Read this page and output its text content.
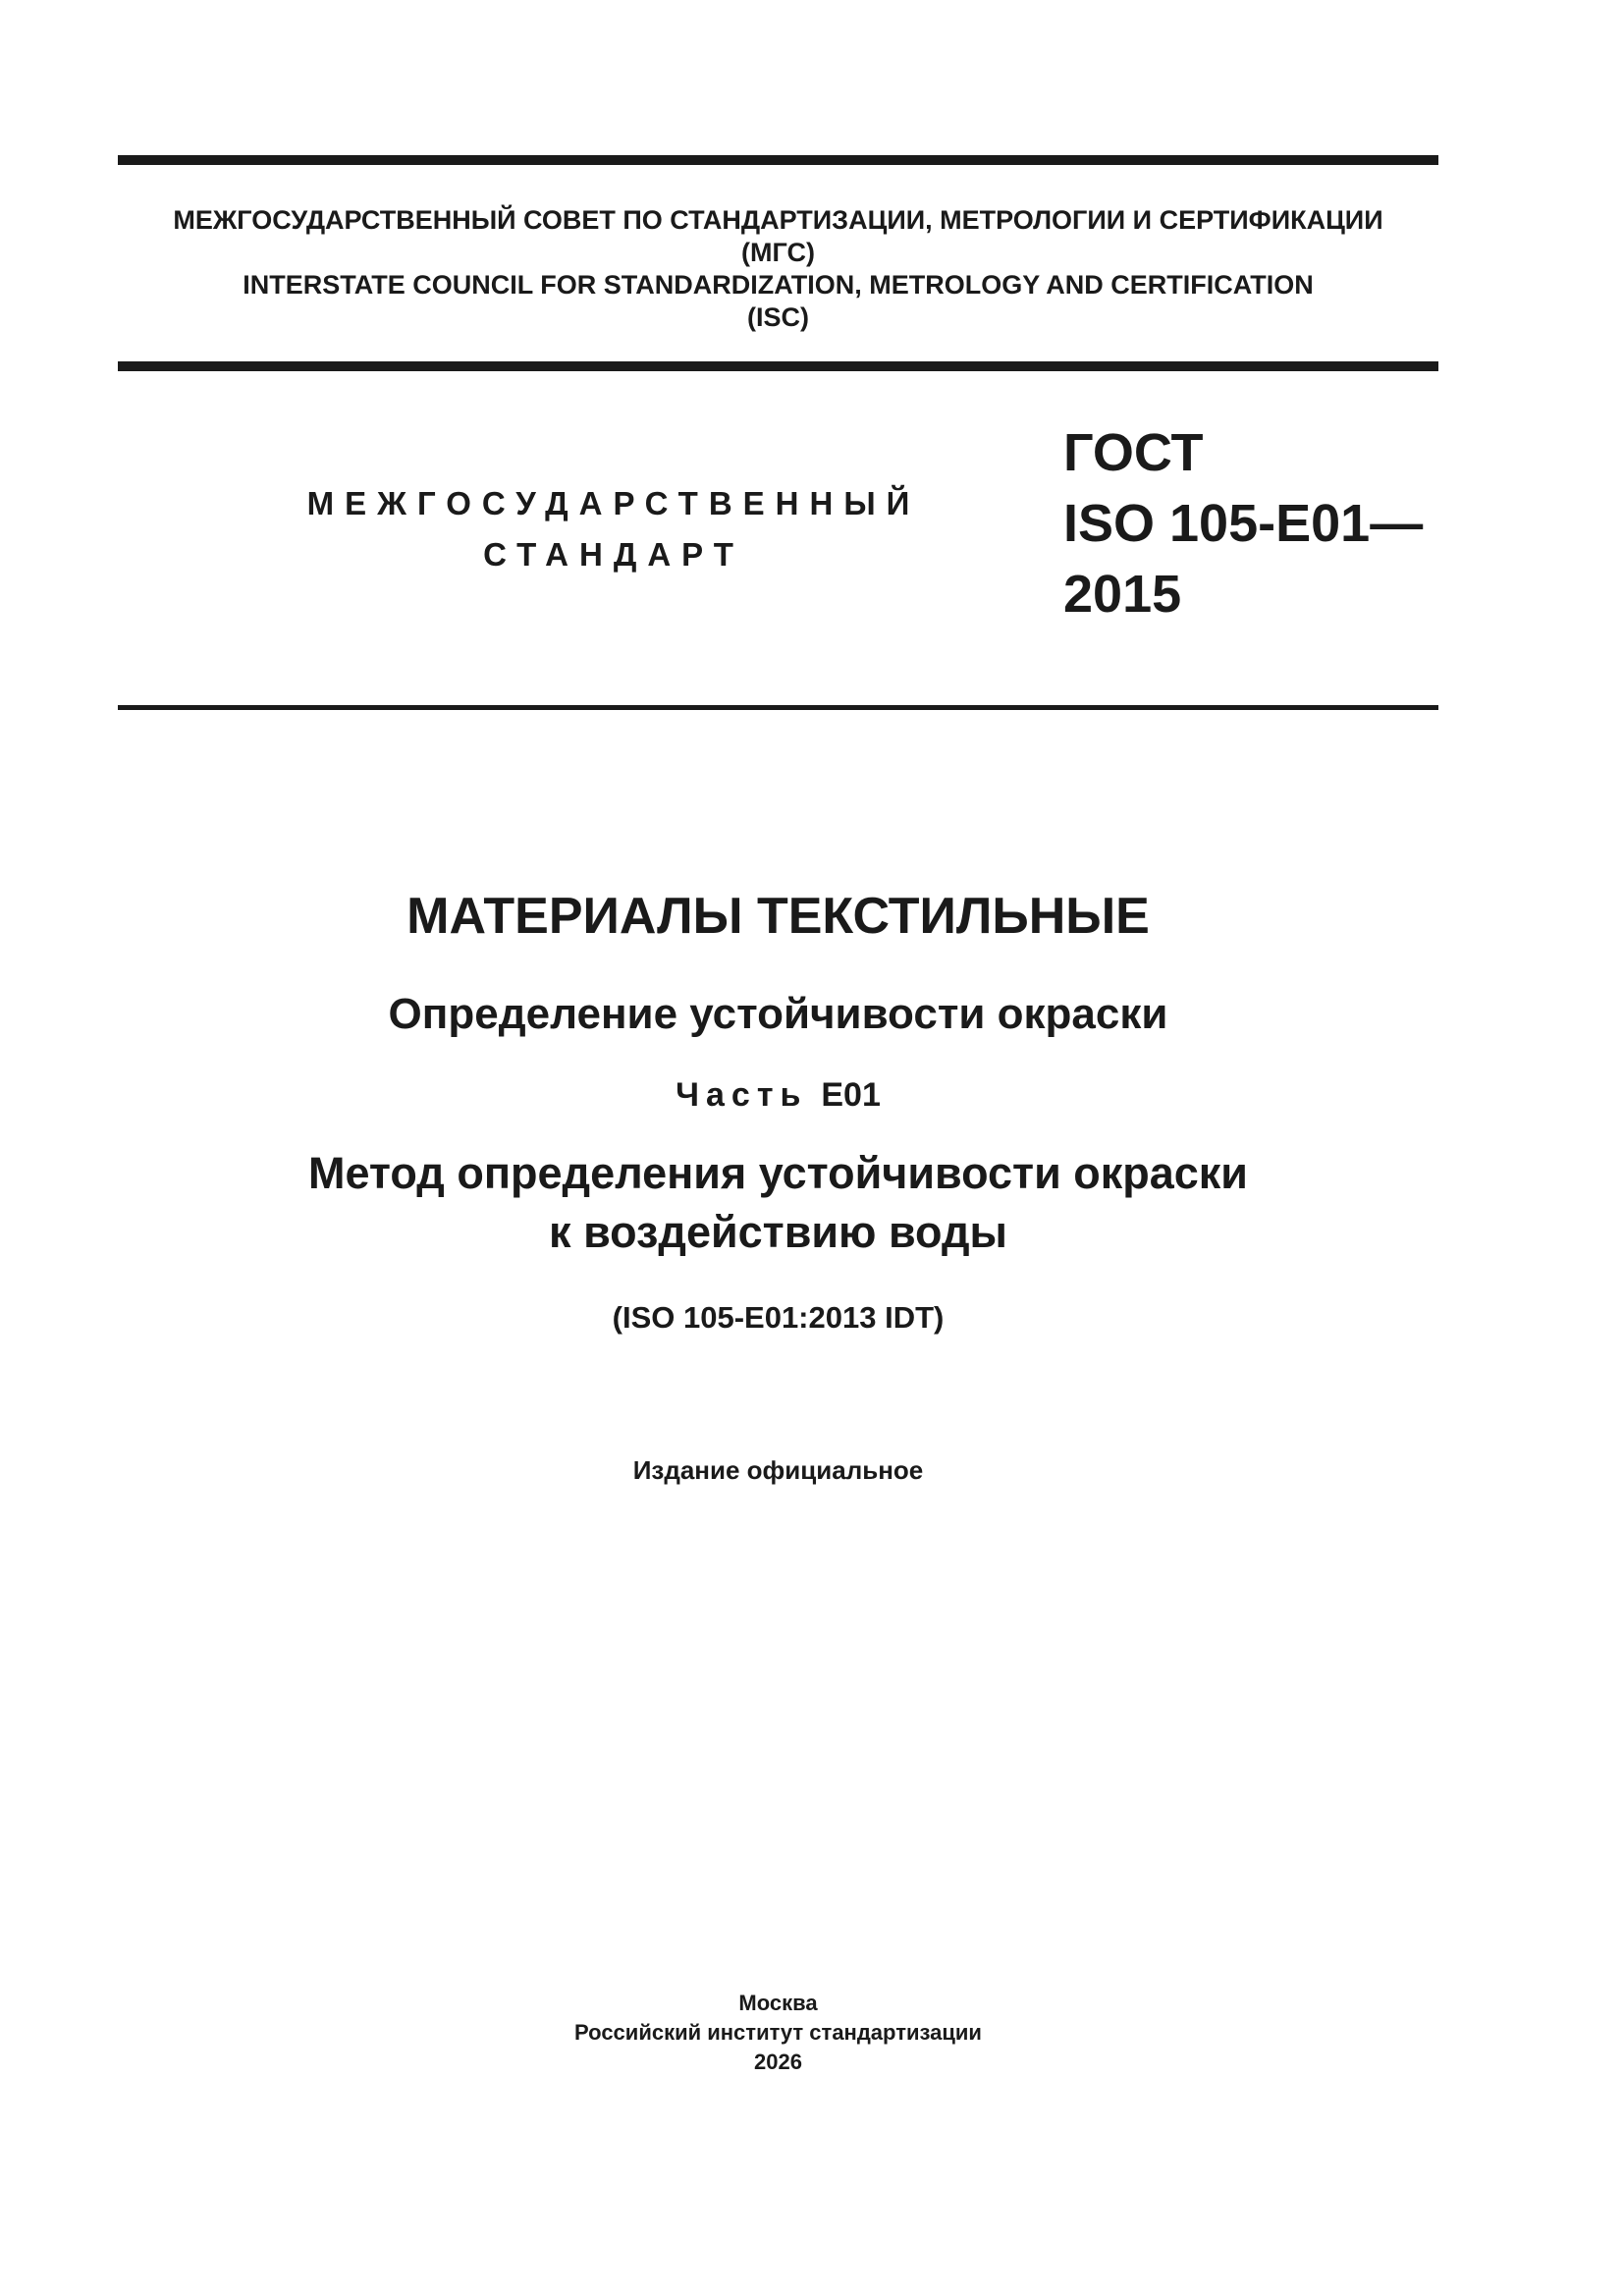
МЕЖГОСУДАРСТВЕННЫЙ СОВЕТ ПО СТАНДАРТИЗАЦИИ, МЕТРОЛОГИИ И СЕРТИФИКАЦИИ
(МГС)
INTERSTATE COUNCIL FOR STANDARDIZATION, METROLOGY AND CERTIFICATION
(ISC)
МЕЖГОСУДАРСТВЕННЫЙ
СТАНДАРТ
ГОСТ
ISO 105-E01—
2015
МАТЕРИАЛЫ ТЕКСТИЛЬНЫЕ
Определение устойчивости окраски
Часть E01
Метод определения устойчивости окраски
к воздействию воды
(ISO 105-E01:2013 IDT)
Издание официальное
Москва
Российский институт стандартизации
2026
